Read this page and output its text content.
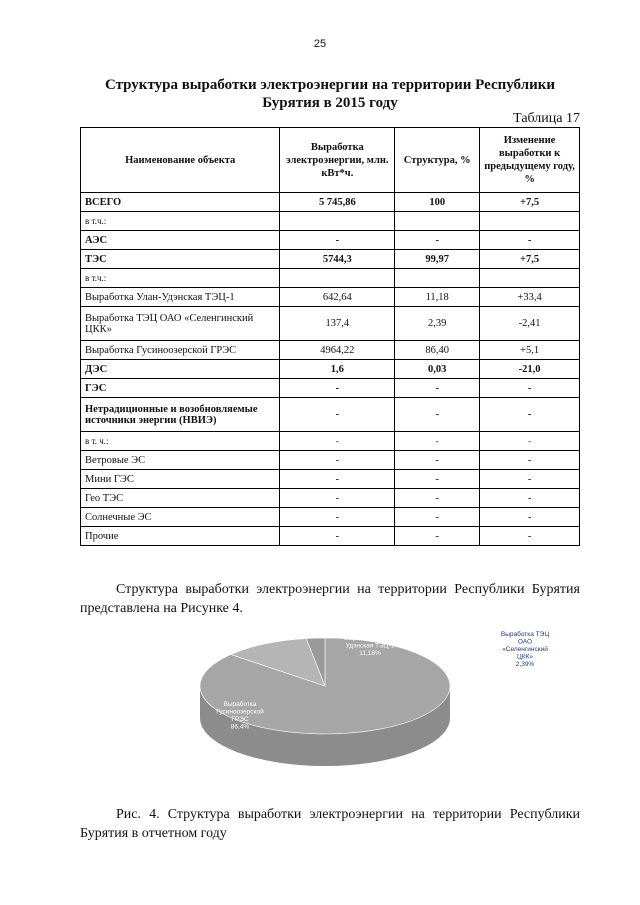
25
Структура выработки электроэнергии на территории Республики Бурятия в 2015 году
Таблица 17
Наименование объекта	Выработка электроэнергии, млн. кВт*ч.	Структура, %	Изменение выработки к предыдущему году, %
ВСЕГО	5 745,86	100	+7,5
в т.ч.:			
АЭС	-	-	-
ТЭС	5744,3	99,97	+7,5
в т.ч.:			
Выработка Улан-Удэнская ТЭЦ-1	642,64	11,18	+33,4
Выработка ТЭЦ ОАО «Селенгинский ЦКК»	137,4	2,39	-2,41
Выработка Гусиноозерской ГРЭС	4964,22	86,40	+5,1
ДЭС	1,6	0,03	-21,0
ГЭС	-	-	-
Нетрадиционные и возобновляемые источники энергии (НВИЭ)	-	-	-
в т. ч.:	-	-	-
Ветровые ЭС	-	-	-
Мини ГЭС	-	-	-
Гео ТЭС	-	-	-
Солнечные ЭС	-	-	-
Прочие	-	-	-
Структура выработки электроэнергии на территории Республики Бурятия представлена на Рисунке 4.
Выработка Гусиноозерской ГРЭС 86,4%
Выработка Улан-Удэнская ТЭЦ-1 11,18%
Выработка ТЭЦ ОАО «Селенгинский ЦКК» 2,39%
Рис. 4. Структура выработки электроэнергии на территории Республики Бурятия в отчетном году
